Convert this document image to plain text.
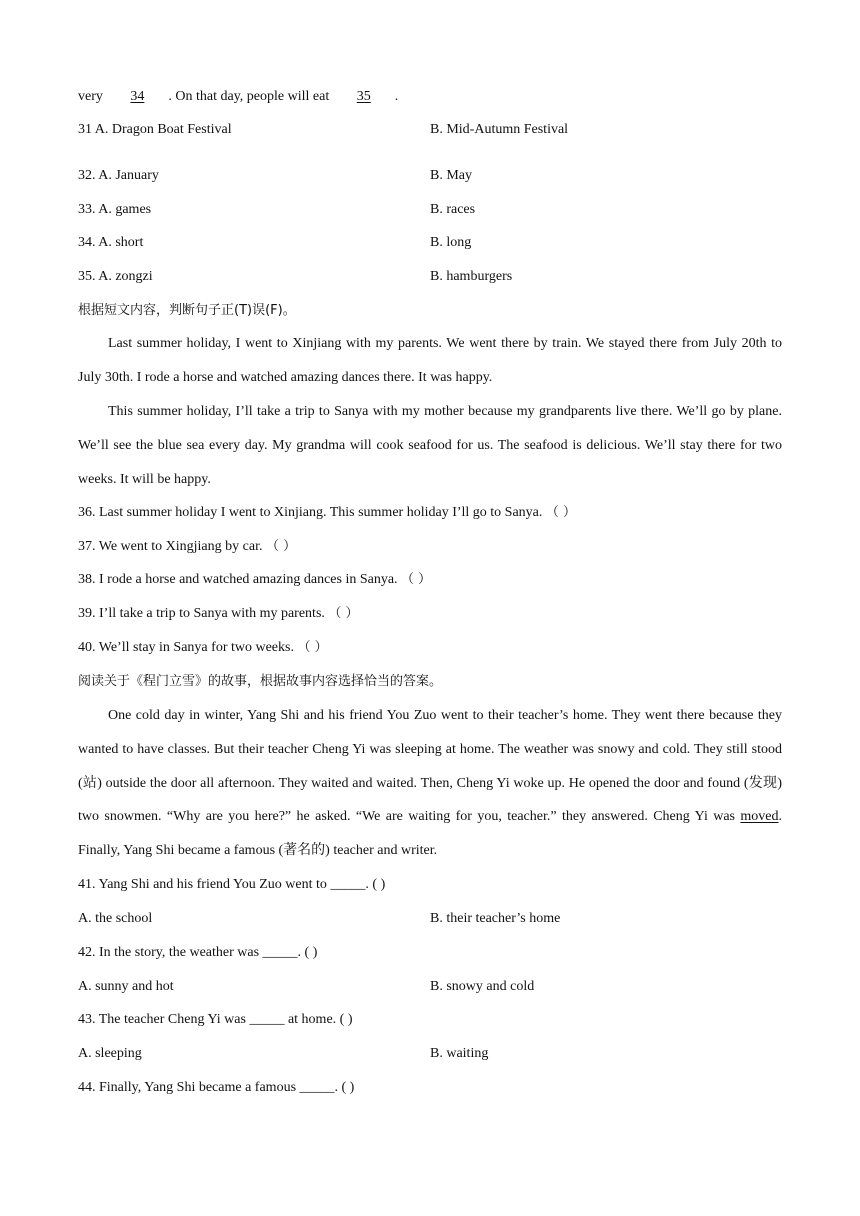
very 34 . On that day, people will eat 35 .
31 A. Dragon Boat Festival	B. Mid-Autumn Festival
32. A. January	B. May
33. A. games	B. races
34. A. short	B. long
35. A. zongzi	B. hamburgers
根据短文内容，判断句子正(T)误(F)。
Last summer holiday, I went to Xinjiang with my parents. We went there by train. We stayed there from July 20th to July 30th. I rode a horse and watched amazing dances there. It was happy.
This summer holiday, I’ll take a trip to Sanya with my mother because my grandparents live there. We’ll go by plane. We’ll see the blue sea every day. My grandma will cook seafood for us. The seafood is delicious. We’ll stay there for two weeks. It will be happy.
36. Last summer holiday I went to Xinjiang. This summer holiday I’ll go to Sanya. （ ）
37. We went to Xingjiang by car. （ ）
38. I rode a horse and watched amazing dances in Sanya. （ ）
39. I’ll take a trip to Sanya with my parents. （ ）
40. We’ll stay in Sanya for two weeks. （ ）
阅读关于《程门立雪》的故事，根据故事内容选择恰当的答案。
One cold day in winter, Yang Shi and his friend You Zuo went to their teacher’s home. They went there because they wanted to have classes. But their teacher Cheng Yi was sleeping at home. The weather was snowy and cold. They still stood (站) outside the door all afternoon. They waited and waited. Then, Cheng Yi woke up. He opened the door and found (发现) two snowmen. “Why are you here?” he asked. “We are waiting for you, teacher.” they answered. Cheng Yi was moved. Finally, Yang Shi became a famous (著名的) teacher and writer.
41. Yang Shi and his friend You Zuo went to _____. ( )
A. the school	B. their teacher’s home
42. In the story, the weather was _____. ( )
A. sunny and hot	B. snowy and cold
43. The teacher Cheng Yi was _____ at home. ( )
A. sleeping	B. waiting
44. Finally, Yang Shi became a famous _____. ( )
